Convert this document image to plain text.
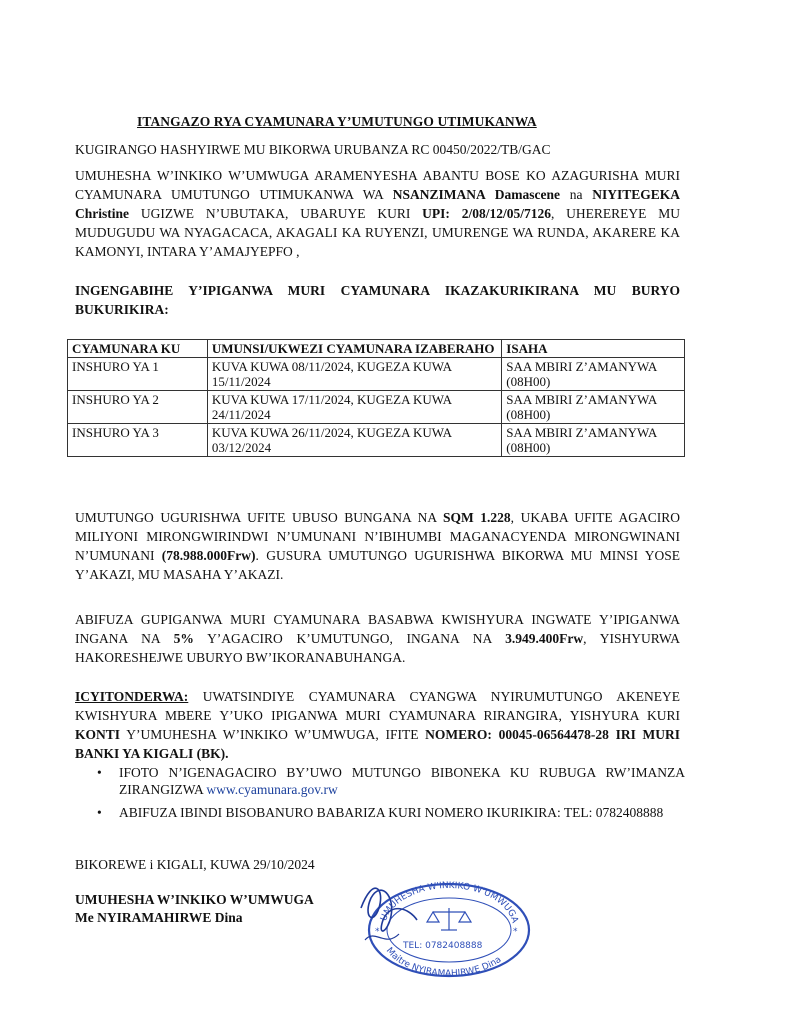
ITANGAZO RYA CYAMUNARA Y’UMUTUNGO UTIMUKANWA
KUGIRANGO HASHYIRWE MU BIKORWA URUBANZA RC 00450/2022/TB/GAC
UMUHESHA W’INKIKO W’UMWUGA ARAMENYESHA ABANTU BOSE KO AZAGURISHA MURI CYAMUNARA UMUTUNGO UTIMUKANWA WA NSANZIMANA Damascene na NIYITEGEKA Christine UGIZWE N’UBUTAKA, UBARUYE KURI UPI: 2/08/12/05/7126, UHEREREYE MU MUDUGUDU WA NYAGACACA, AKAGALI KA RUYENZI, UMURENGE WA RUNDA, AKARERE KA KAMONYI, INTARA Y’AMAJYEPFO ,
INGENGABIHE Y’IPIGANWA MURI CYAMUNARA IKAZAKURIKIRANA MU BURYO BUKURIKIRA:
CYAMUNARA KU	UMUNSI/UKWEZI CYAMUNARA IZABERAHO	ISAHA
INSHURO YA 1	KUVA KUWA 08/11/2024, KUGEZA KUWA 15/11/2024	SAA MBIRI Z’AMANYWA (08H00)
INSHURO YA 2	KUVA KUWA 17/11/2024, KUGEZA KUWA 24/11/2024	SAA MBIRI Z’AMANYWA (08H00)
INSHURO YA 3	KUVA KUWA 26/11/2024, KUGEZA KUWA 03/12/2024	SAA MBIRI Z’AMANYWA (08H00)
UMUTUNGO UGURISHWA UFITE UBUSO BUNGANA NA SQM 1.228, UKABA UFITE AGACIRO MILIYONI MIRONGWIRINDWI N’UMUNANI N’IBIHUMBI MAGANACYENDA MIRONGWINANI N’UMUNANI (78.988.000Frw). GUSURA UMUTUNGO UGURISHWA BIKORWA MU MINSI YOSE Y’AKAZI, MU MASAHA Y’AKAZI.
ABIFUZA GUPIGANWA MURI CYAMUNARA BASABWA KWISHYURA INGWATE Y’IPIGANWA INGANA NA 5% Y’AGACIRO K’UMUTUNGO, INGANA NA 3.949.400Frw, YISHYURWA HAKORESHEJWE UBURYO BW’IKORANABUHANGA.
ICYITONDERWA: UWATSINDIYE CYAMUNARA CYANGWA NYIRUMUTUNGO AKENEYE KWISHYURA MBERE Y’UKO IPIGANWA MURI CYAMUNARA RIRANGIRA, YISHYURA KURI KONTI Y’UMUHESHA W’INKIKO W’UMWUGA, IFITE NOMERO: 00045-06564478-28 IRI MURI BANKI YA KIGALI (BK).
• IFOTO N’IGENAGACIRO BY’UWO MUTUNGO BIBONEKA KU RUBUGA RW’IMANZA ZIRANGIZWA www.cyamunara.gov.rw
• ABIFUZA IBINDI BISOBANURO BABARIZA KURI NOMERO IKURIKIRA: TEL: 0782408888
BIKOREWE i KIGALI, KUWA 29/10/2024
UMUHESHA W’INKIKO W’UMWUGA
Me NYIRAMAHIRWE Dina	UMUHESHA W'INKIKO W'UMWUGA
Maitre NYIRAMAHIRWE Dina
TEL: 0782408888
*	*
